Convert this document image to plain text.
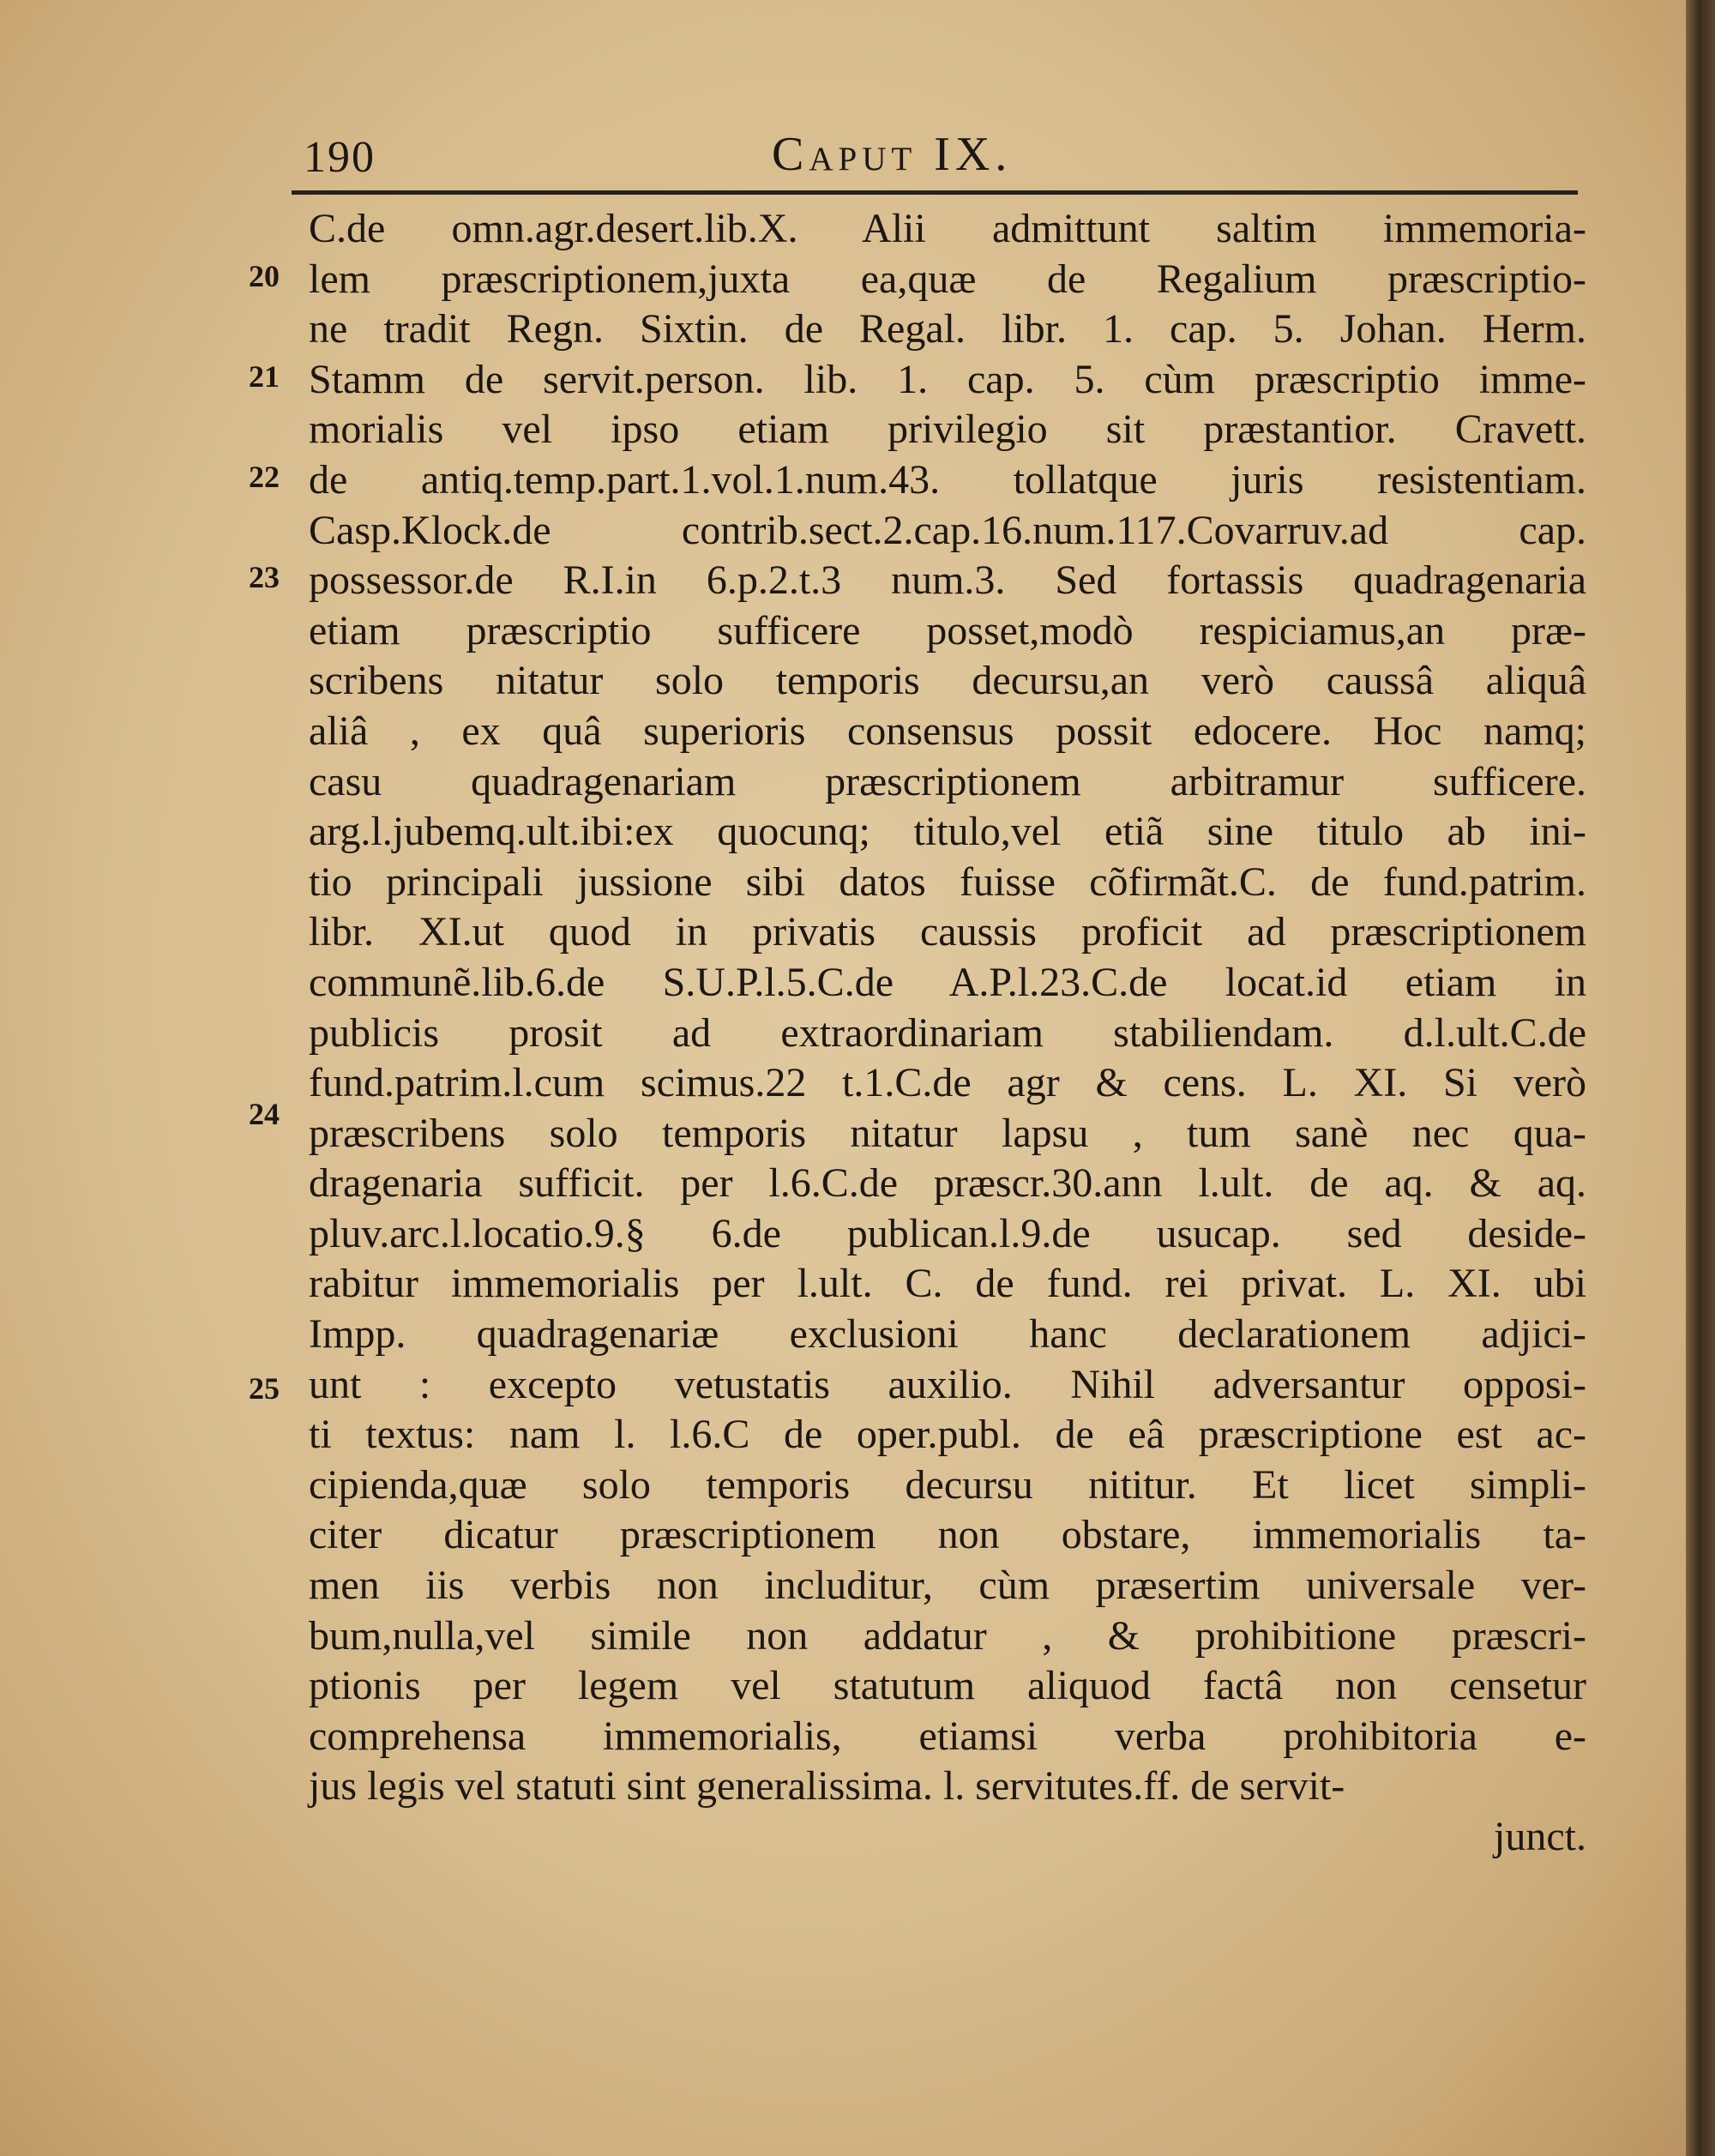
190	Caput IX.
20
21
22
23
24
25
C.de omn.agr.desert.lib.X. Alii admittunt saltim immemoria-
lem præscriptionem,juxta ea,quæ de Regalium præscriptio-
ne tradit Regn. Sixtin. de Regal. libr. 1. cap. 5. Johan. Herm.
Stamm de servit.person. lib. 1. cap. 5. cùm præscriptio imme-
morialis vel ipso etiam privilegio sit præstantior. Cravett.
de antiq.temp.part.1.vol.1.num.43. tollatque juris resistentiam.
Casp.Klock.de contrib.sect.2.cap.16.num.117.Covarruv.ad cap.
possessor.de R.I.in 6.p.2.t.3 num.3. Sed fortassis quadragenaria
etiam præscriptio sufficere posset,modò respiciamus,an præ-
scribens nitatur solo temporis decursu,an verò caussâ aliquâ
aliâ , ex quâ superioris consensus possit edocere. Hoc namq;
casu quadragenariam præscriptionem arbitramur sufficere.
arg.l.jubemq.ult.ibi:ex quocunq; titulo,vel etiã sine titulo ab ini-
tio principali jussione sibi datos fuisse cõfirmãt.C. de fund.patrim.
libr. XI.ut quod in privatis caussis proficit ad præscriptionem
communẽ.lib.6.de S.U.P.l.5.C.de A.P.l.23.C.de locat.id etiam in
publicis prosit ad extraordinariam stabiliendam. d.l.ult.C.de
fund.patrim.l.cum scimus.22 t.1.C.de agr & cens. L. XI. Si verò
præscribens solo temporis nitatur lapsu , tum sanè nec qua-
dragenaria sufficit. per l.6.C.de præscr.30.ann l.ult. de aq. & aq.
pluv.arc.l.locatio.9.§ 6.de publican.l.9.de usucap. sed deside-
rabitur immemorialis per l.ult. C. de fund. rei privat. L. XI. ubi
Impp. quadragenariæ exclusioni hanc declarationem adjici-
unt : excepto vetustatis auxilio. Nihil adversantur opposi-
ti textus: nam l. l.6.C de oper.publ. de eâ præscriptione est ac-
cipienda,quæ solo temporis decursu nititur. Et licet simpli-
citer dicatur præscriptionem non obstare, immemorialis ta-
men iis verbis non includitur, cùm præsertim universale ver-
bum,nulla,vel simile non addatur , & prohibitione præscri-
ptionis per legem vel statutum aliquod factâ non censetur
comprehensa immemorialis, etiamsi verba prohibitoria e-
jus legis vel statuti sint generalissima. l. servitutes.ff. de servit-
junct.
